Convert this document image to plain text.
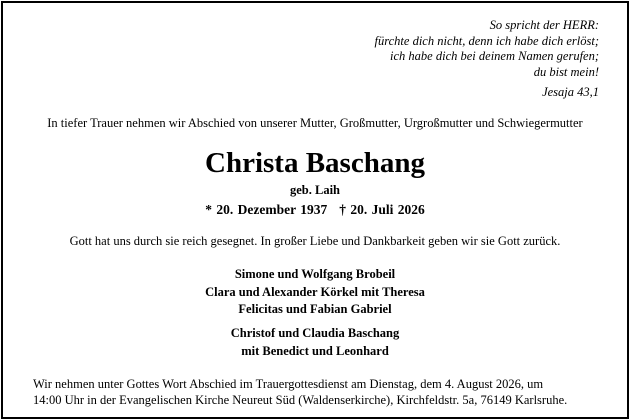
So spricht der HERR:
fürchte dich nicht, denn ich habe dich erlöst;
ich habe dich bei deinem Namen gerufen;
du bist mein!
Jesaja 43,1
In tiefer Trauer nehmen wir Abschied von unserer Mutter, Großmutter, Urgroßmutter und Schwiegermutter
Christa Baschang
geb. Laih
* 20. Dezember 1937 † 20. Juli 2026
Gott hat uns durch sie reich gesegnet. In großer Liebe und Dankbarkeit geben wir sie Gott zurück.
Simone und Wolfgang Brobeil
Clara und Alexander Körkel mit Theresa
Felicitas und Fabian Gabriel
Christof und Claudia Baschang
mit Benedict und Leonhard
Wir nehmen unter Gottes Wort Abschied im Trauergottesdienst am Dienstag, dem 4. August 2026, um
14:00 Uhr in der Evangelischen Kirche Neureut Süd (Waldenserkirche), Kirchfeldstr. 5a, 76149 Karlsruhe.
